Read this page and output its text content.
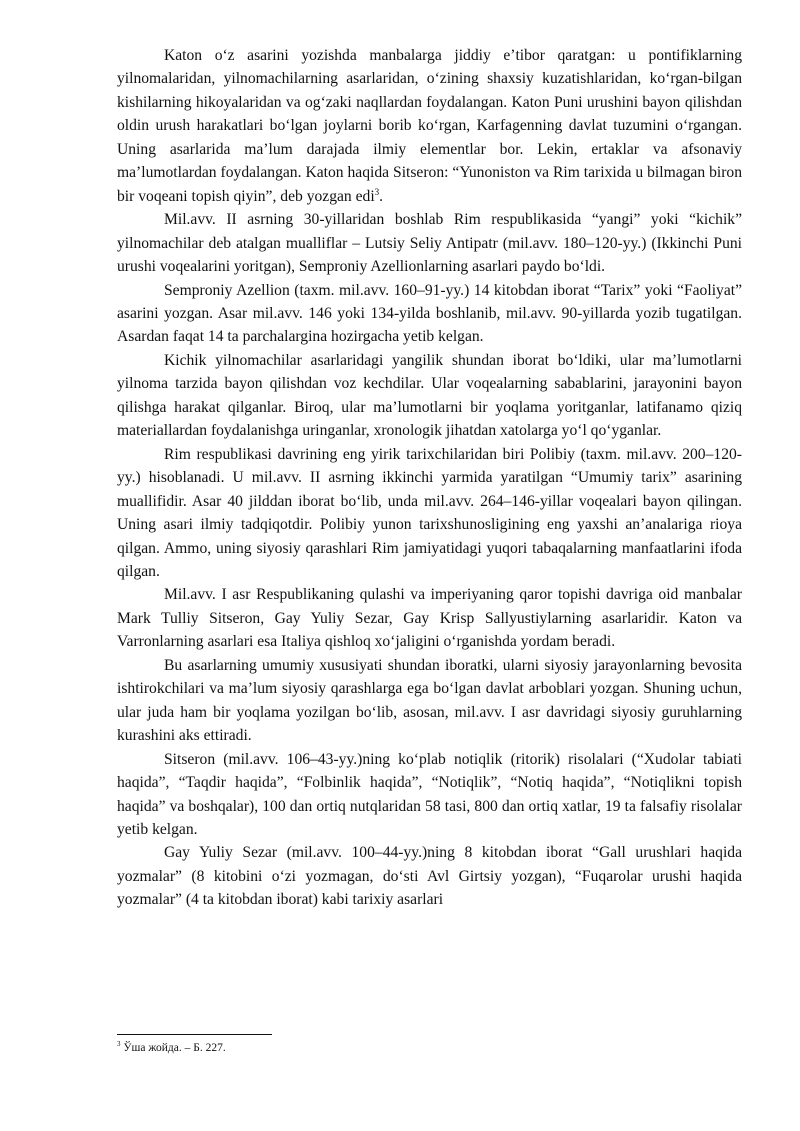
Katon oʻz asarini yozishda manbalarga jiddiy eʼtibor qaratgan: u pontifiklarning yilnomalaridan, yilnomachilarning asarlaridan, oʻzining shaxsiy kuzatishlaridan, koʻrgan-bilgan kishilarning hikoyalaridan va ogʻzaki naqllardan foydalangan. Katon Puni urushini bayon qilishdan oldin urush harakatlari boʻlgan joylarni borib koʻrgan, Karfagenning davlat tuzumini oʻrgangan. Uning asarlarida maʼlum darajada ilmiy elementlar bor. Lekin, ertaklar va afsonaviy maʼlumotlardan foydalangan. Katon haqida Sitseron: “Yunoniston va Rim tarixida u bilmagan biron bir voqeani topish qiyin”, deb yozgan edi$^3$.

Mil.avv. II asrning 30-yillaridan boshlab Rim respublikasida “yangi” yoki “kichik” yilnomachilar deb atalgan mualliflar – Lutsiy Seliy Antipatr (mil.avv. 180–120-yy.) (Ikkinchi Puni urushi voqealarini yoritgan), Semproniy Azellionlarning asarlari paydo boʻldi.

Semproniy Azellion (taxm. mil.avv. 160–91-yy.) 14 kitobdan iborat “Tarix” yoki “Faoliyat” asarini yozgan. Asar mil.avv. 146 yoki 134-yilda boshlanib, mil.avv. 90-yillarda yozib tugatilgan. Asardan faqat 14 ta parchalargina hozirgacha yetib kelgan.

Kichik yilnomachilar asarlaridagi yangilik shundan iborat boʻldiki, ular maʼlumotlarni yilnoma tarzida bayon qilishdan voz kechdilar. Ular voqealarning sabablarini, jarayonini bayon qilishga harakat qilganlar. Biroq, ular maʼlumotlarni bir yoqlama yoritganlar, latifanamo qiziq materiallardan foydalanishga uringanlar, xronologik jihatdan xatolarga yoʻl qoʻyganlar.

Rim respublikasi davrining eng yirik tarixchilaridan biri Polibiy (taxm. mil.avv. 200–120-yy.) hisoblanadi. U mil.avv. II asrning ikkinchi yarmida yaratilgan “Umumiy tarix” asarining muallifidir. Asar 40 jilddan iborat boʻlib, unda mil.avv. 264–146-yillar voqealari bayon qilingan. Uning asari ilmiy tadqiqotdir. Polibiy yunon tarixshunosligining eng yaxshi anʼanalariga rioya qilgan. Ammo, uning siyosiy qarashlari Rim jamiyatidagi yuqori tabaqalarning manfaatlarini ifoda qilgan.

Mil.avv. I asr Respublikaning qulashi va imperiyaning qaror topishi davriga oid manbalar Mark Tulliy Sitseron, Gay Yuliy Sezar, Gay Krisp Sallyustiylarning asarlaridir. Katon va Varronlarning asarlari esa Italiya qishloq xoʻjaligini oʻrganishda yordam beradi.

Bu asarlarning umumiy xususiyati shundan iboratki, ularni siyosiy jarayonlarning bevosita ishtirokchilari va maʼlum siyosiy qarashlarga ega boʻlgan davlat arboblari yozgan. Shuning uchun, ular juda ham bir yoqlama yozilgan boʻlib, asosan, mil.avv. I asr davridagi siyosiy guruhlarning kurashini aks ettiradi.

Sitseron (mil.avv. 106–43-yy.)ning koʻplab notiqlik (ritorik) risolalari (“Xudolar tabiati haqida”, “Taqdir haqida”, “Folbinlik haqida”, “Notiqlik”, “Notiq haqida”, “Notiqlikni topish haqida” va boshqalar), 100 dan ortiq nutqlaridan 58 tasi, 800 dan ortiq xatlar, 19 ta falsafiy risolalar yetib kelgan.

Gay Yuliy Sezar (mil.avv. 100–44-yy.)ning 8 kitobdan iborat “Gall urushlari haqida yozmalar” (8 kitobini oʻzi yozmagan, doʻsti Avl Girtsiy yozgan), “Fuqarolar urushi haqida yozmalar” (4 ta kitobdan iborat) kabi tarixiy asarlari

$^3$ Ўша жойда. – Б. 227.
